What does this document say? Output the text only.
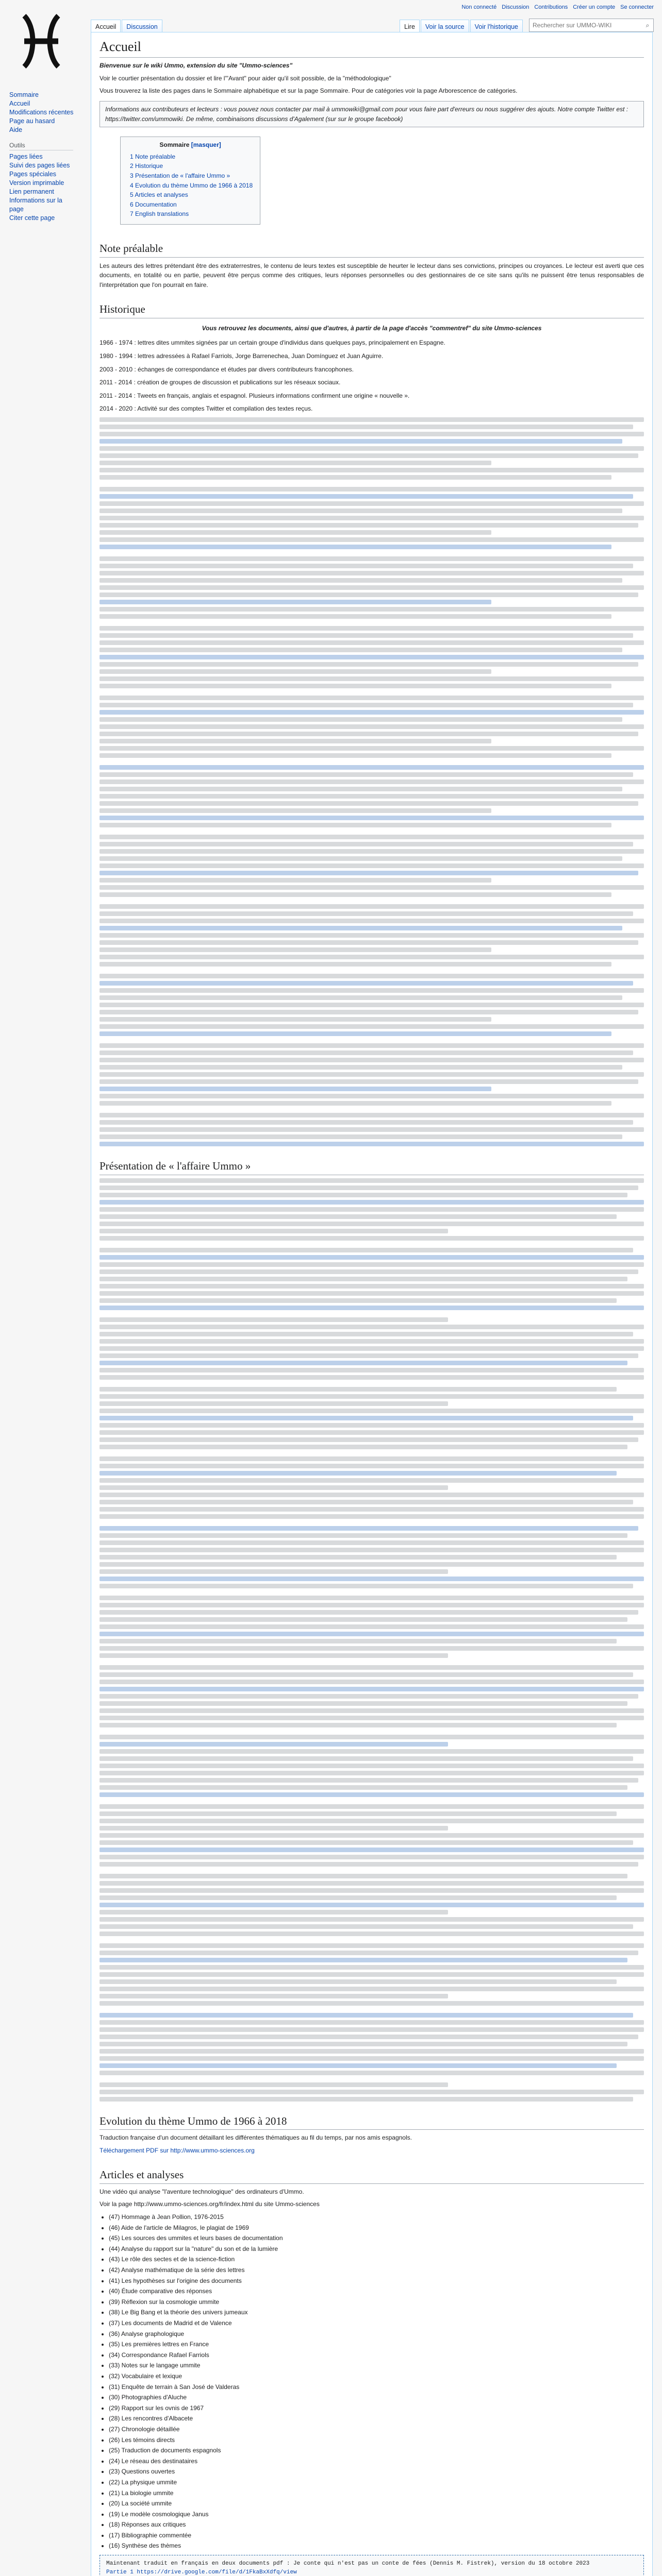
Non connecté Discussion Contributions Créer un compte Se connecter
Accueil	Discussion	Lire	Voir la source	Voir l'historique
Rechercher sur UMMO-WIKI	⌕
Sommaire
Accueil
Modifications récentes
Page au hasard
Aide
Outils
Pages liées
Suivi des pages liées
Pages spéciales
Version imprimable
Lien permanent
Informations sur la page
Citer cette page
Accueil

Bienvenue sur le wiki Ummo, extension du site "Ummo-sciences"

Voir le courtier présentation du dossier et lire l'"Avant" pour aider qu'il soit possible, de la "méthodologique"

Vous trouverez la liste des pages dans le Sommaire alphabétique et sur la page Sommaire. Pour de catégories voir la page Arborescence de catégories.

Informations aux contributeurs et lecteurs : vous pouvez nous contacter par mail à ummowiki@gmail.com pour vous faire part d'erreurs ou nous suggérer des ajouts. Notre compte Twitter est : https://twitter.com/ummowiki. De même, combinaisons discussions d'Agalement (sur sur le groupe facebook)
Sommaire [masquer]
1 Note préalable
2 Historique
3 Présentation de « l'affaire Ummo »
4 Evolution du thème Ummo de 1966 à 2018
5 Articles et analyses
6 Documentation
7 English translations
Note préalable

Les auteurs des lettres prétendant être des extraterrestres, le contenu de leurs textes est susceptible de heurter le lecteur dans ses convictions, principes ou croyances. Le lecteur est averti que ces documents, en totalité ou en partie, peuvent être perçus comme des critiques, leurs réponses personnelles ou des gestionnaires de ce site sans qu'ils ne puissent être tenus responsables de l'interprétation que l'on pourrait en faire.

Historique
Vous retrouvez les documents, ainsi que d'autres, à partir de la page d'accès "commentref" du site Ummo-sciences

1966 - 1974 : lettres dites ummites signées par un certain groupe d'individus dans quelques pays, principalement en Espagne.

1980 - 1994 : lettres adressées à Rafael Farriols, Jorge Barrenechea, Juan Domínguez et Juan Aguirre.

2003 - 2010 : échanges de correspondance et études par divers contributeurs francophones.

2011 - 2014 : création de groupes de discussion et publications sur les réseaux sociaux.

2011 - 2014 : Tweets en français, anglais et espagnol. Plusieurs informations confirment une origine « nouvelle ».

2014 - 2020 : Activité sur des comptes Twitter et compilation des textes reçus.

Présentation de « l'affaire Ummo »
Evolution du thème Ummo de 1966 à 2018

Traduction française d'un document détaillant les différentes thématiques au fil du temps, par nos amis espagnols.

Téléchargement PDF sur http://www.ummo-sciences.org

Articles et analyses

Une vidéo qui analyse "l'aventure technologique" des ordinateurs d'Ummo.

Voir la page http://www.ummo-sciences.org/fr/index.html du site Ummo-sciences

• (47) Hommage à Jean Pollion, 1976-2015
• (46) Aide de l'article de Milagros, le plagiat de 1969
• (45) Les sources des ummites et leurs bases de documentation
• (44) Analyse du rapport sur la "nature" du son et de la lumière
• (43) Le rôle des sectes et de la science-fiction
• (42) Analyse mathématique de la série des lettres
• (41) Les hypothèses sur l'origine des documents
• (40) Étude comparative des réponses
• (39) Réflexion sur la cosmologie ummite
• (38) Le Big Bang et la théorie des univers jumeaux
• (37) Les documents de Madrid et de Valence
• (36) Analyse graphologique
• (35) Les premières lettres en France
• (34) Correspondance Rafael Farriols
• (33) Notes sur le langage ummite
• (32) Vocabulaire et lexique
• (31) Enquête de terrain à San José de Valderas
• (30) Photographies d'Aluche
• (29) Rapport sur les ovnis de 1967
• (28) Les rencontres d'Albacete
• (27) Chronologie détaillée
• (26) Les témoins directs
• (25) Traduction de documents espagnols
• (24) Le réseau des destinataires
• (23) Questions ouvertes
• (22) La physique ummite
• (21) La biologie ummite
• (20) La société ummite
• (19) Le modèle cosmologique Janus
• (18) Réponses aux critiques
• (17) Bibliographie commentée
• (16) Synthèse des thèmes
Maintenant traduit en français en deux documents pdf : Je conte qui n'est pas un conte de fées (Dennis M. Fistrek), version du 18 octobre 2023
Partie 1 https://drive.google.com/file/d/1FkaBxXdfq/view
